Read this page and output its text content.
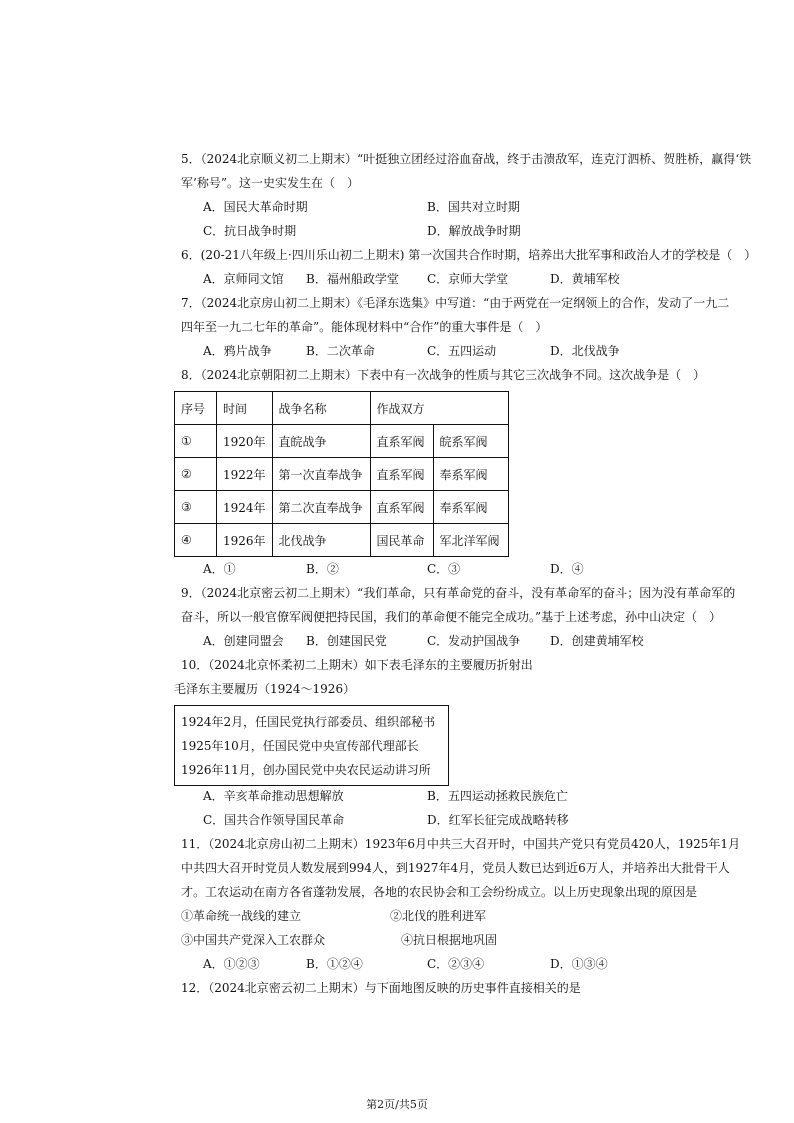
5．（2024北京顺义初二上期末）“叶挺独立团经过浴血奋战，终于击溃敌军，连克汀泗桥、贺胜桥，赢得‘铁
军’称号”。这一史实发生在（　）
A．国民大革命时期	B．国共对立时期
C．抗日战争时期	D．解放战争时期
6．(20-21八年级上·四川乐山初二上期末) 第一次国共合作时期，培养出大批军事和政治人才的学校是（　）
A．京师同文馆 B．福州船政学堂 C．京师大学堂	D．黄埔军校
7．（2024北京房山初二上期末）《毛泽东选集》中写道：“由于两党在一定纲领上的合作，发动了一九二
四年至一九二七年的革命”。能体现材料中“合作”的重大事件是（　）
A．鸦片战争	B．二次革命	C．五四运动	D．北伐战争
8．（2024北京朝阳初二上期末）下表中有一次战争的性质与其它三次战争不同。这次战争是（　）
序号	时间	战争名称	作战双方	
①	1920年	直皖战争	直系军阀	皖系军阀
②	1922年	第一次直奉战争	直系军阀	奉系军阀
③	1924年	第二次直奉战争	直系军阀	奉系军阀
④	1926年	北伐战争	国民革命	军北洋军阀
A．①	B．②	C．③	D．④
9．（2024北京密云初二上期末）“我们革命，只有革命党的奋斗，没有革命军的奋斗；因为没有革命军的
奋斗，所以一般官僚军阀便把持民国，我们的革命便不能完全成功。”基于上述考虑，孙中山决定（　）
A．创建同盟会 B．创建国民党	C．发动护国战争 D．创建黄埔军校
10．（2024北京怀柔初二上期末）如下表毛泽东的主要履历折射出
毛泽东主要履历（1924～1926）
1924年2月，任国民党执行部委员、组织部秘书
1925年10月，任国民党中央宣传部代理部长
1926年11月，创办国民党中央农民运动讲习所
A．辛亥革命推动思想解放	B．五四运动拯救民族危亡
C．国共合作领导国民革命	D．红军长征完成战略转移
11．（2024北京房山初二上期末）1923年6月中共三大召开时，中国共产党只有党员420人，1925年1月
中共四大召开时党员人数发展到994人，到1927年4月，党员人数已达到近6万人，并培养出大批骨干人
才。工农运动在南方各省蓬勃发展，各地的农民协会和工会纷纷成立。以上历史现象出现的原因是
①革命统一战线的建立	②北伐的胜利进军
③中国共产党深入工农群众	④抗日根据地巩固
A．①②③	B．①②④	C．②③④	D．①③④
12．（2024北京密云初二上期末）与下面地图反映的历史事件直接相关的是
第2页/共5页
